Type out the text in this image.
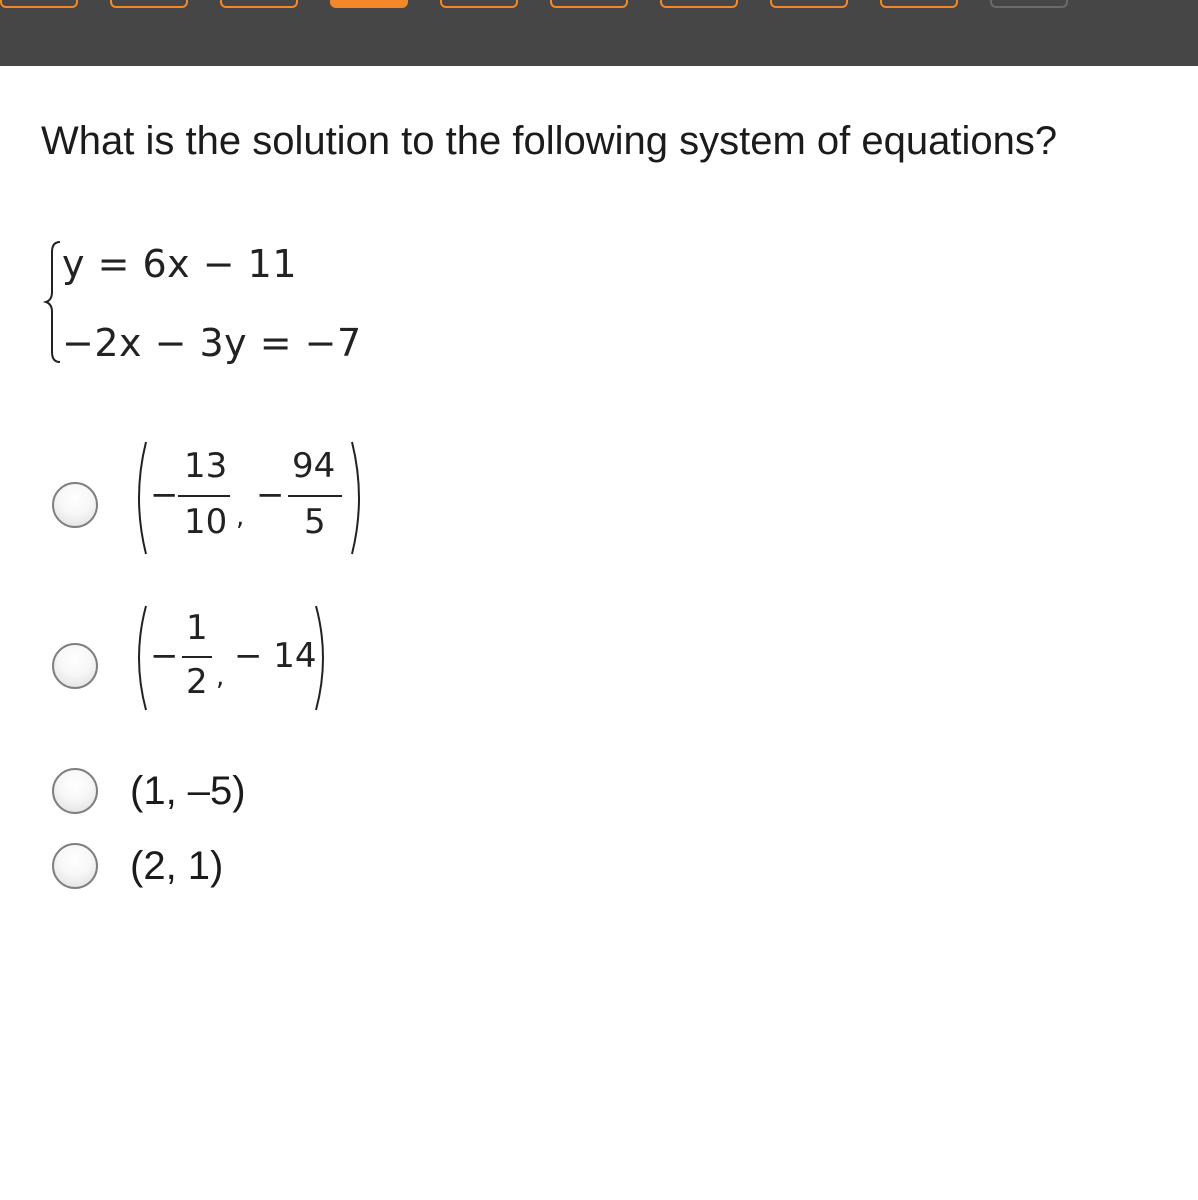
What is the solution to the following system of equations?
y = 6x − 11
−2x − 3y = −7
−
13
10 ,
−
94
5
−
1
2 ,
− 14
(1, –5)
(2, 1)
